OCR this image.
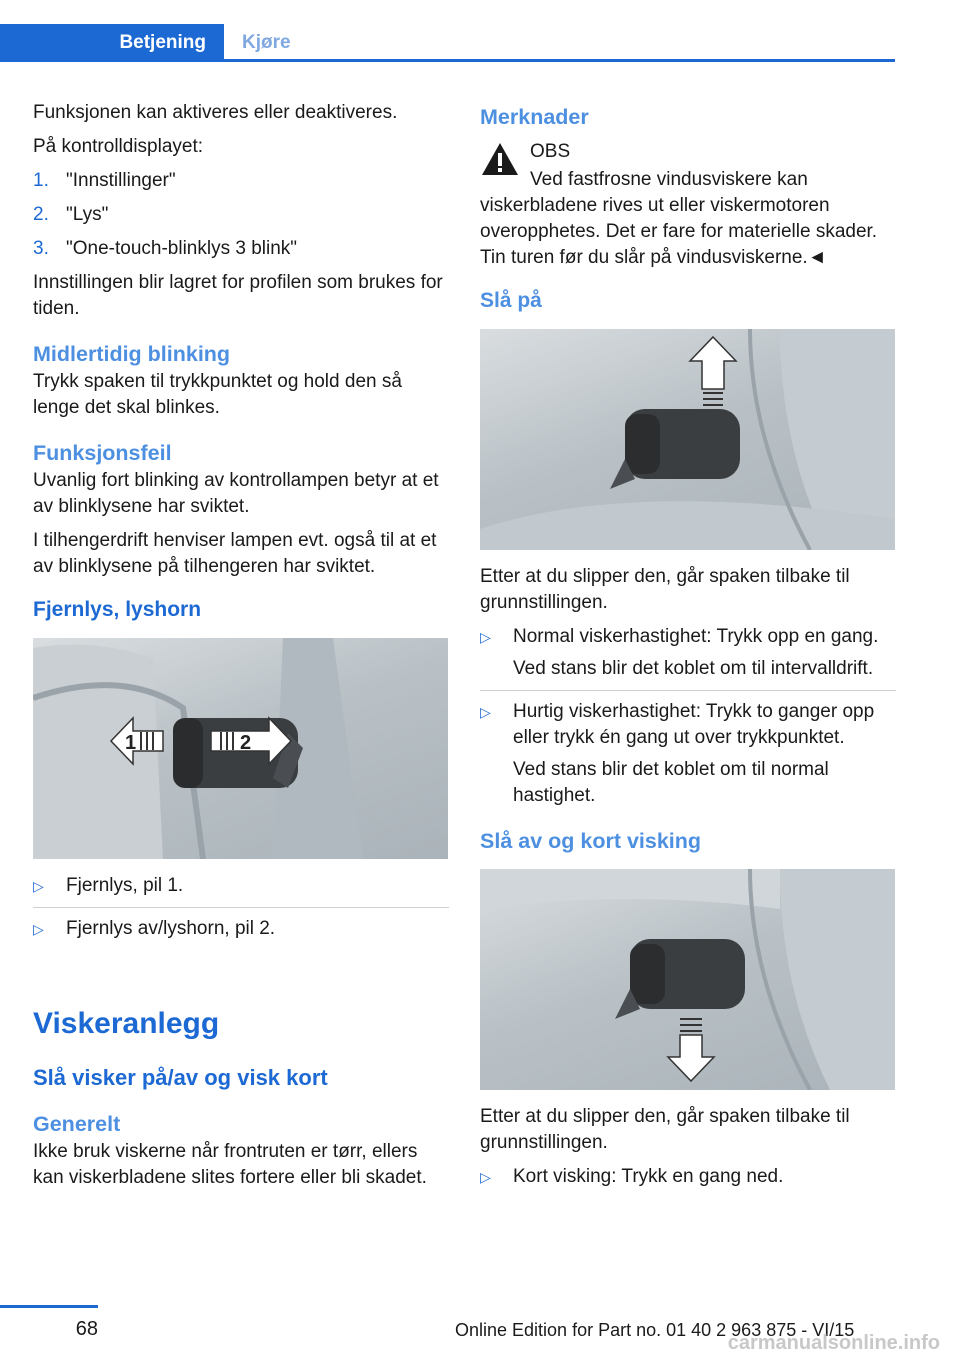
Betjening	Kjøre

Funksjonen kan aktiveres eller deaktiveres.

På kontrolldisplayet:

1. "Innstillinger"
2. "Lys"
3. "One-touch-blinklys 3 blink"

Innstillingen blir lagret for profilen som brukes for tiden.

Midlertidig blinking

Trykk spaken til trykkpunktet og hold den så lenge det skal blinkes.

Funksjonsfeil

Uvanlig fort blinking av kontrollampen betyr at et av blinklysene har sviktet.

I tilhengerdrift henviser lampen evt. også til at et av blinklysene på tilhengeren har sviktet.

Fjernlys, lyshorn
1	2
▷	Fjernlys, pil 1.
▷	Fjernlys av/lyshorn, pil 2.
Viskeranlegg
Slå visker på/av og visk kort
Generelt

Ikke bruk viskerne når frontruten er tørr, ellers kan viskerbladene slites fortere eller bli skadet.

Merknader
OBS

Ved fastfrosne vindusviskere kan viskerbladene rives ut eller viskermotoren overopphetes. Det er fare for materielle skader. Tin turen før du slår på vindusviskerne.◄

Slå på

Etter at du slipper den, går spaken tilbake til grunnstillingen.

▷	Normal viskerhastighet: Trykk opp en gang.
Ved stans blir det koblet om til intervalldrift.
▷	Hurtig viskerhastighet: Trykk to ganger opp eller trykk én gang ut over trykkpunktet.
Ved stans blir det koblet om til normal hastighet.
Slå av og kort visking

Etter at du slipper den, går spaken tilbake til grunnstillingen.

▷	Kort visking: Trykk en gang ned.
68	Online Edition for Part no. 01 40 2 963 875 - VI/15
carmanualsonline.info
